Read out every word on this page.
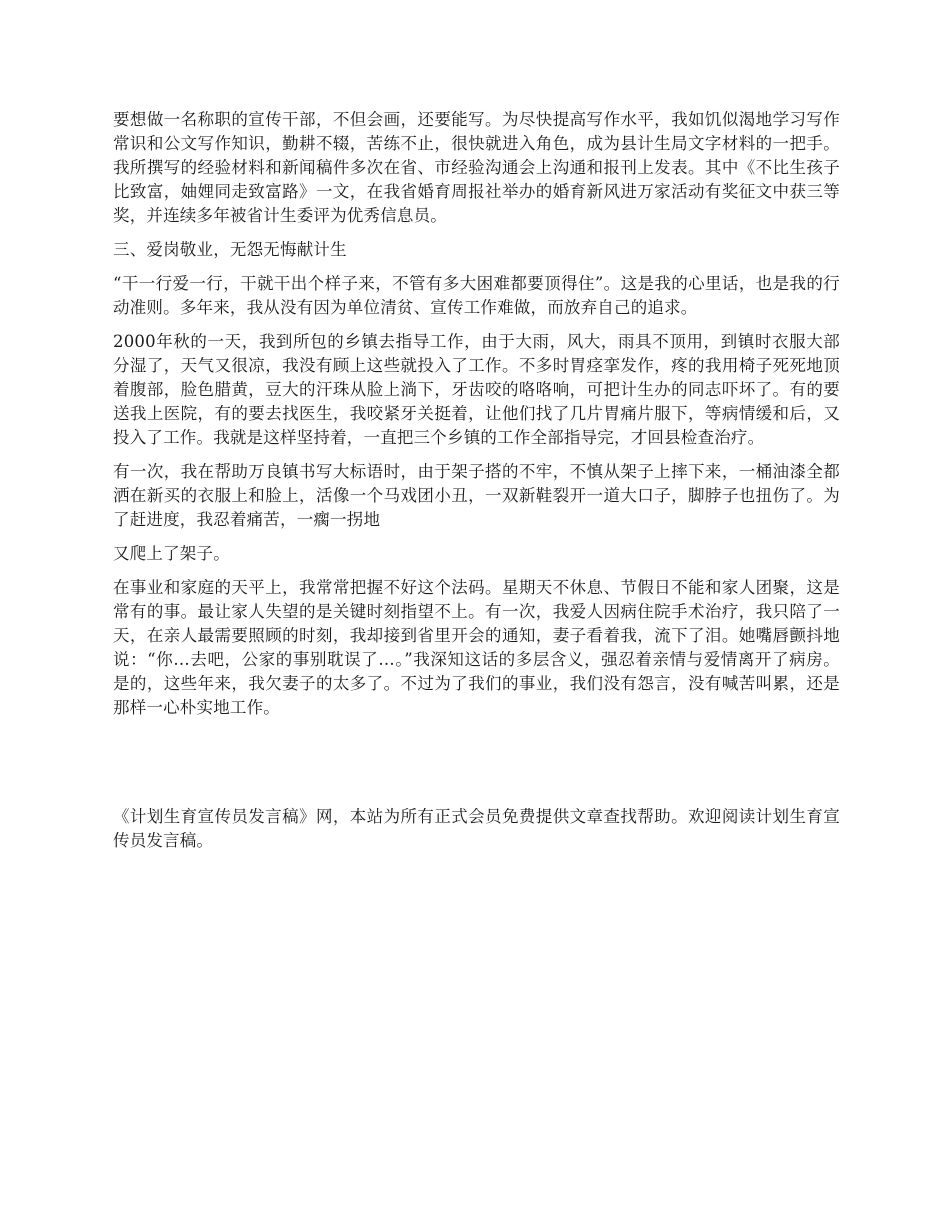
要想做一名称职的宣传干部，不但会画，还要能写。为尽快提高写作水平，我如饥似渴地学习写作常识和公文写作知识，勤耕不辍，苦练不止，很快就进入角色，成为县计生局文字材料的一把手。我所撰写的经验材料和新闻稿件多次在省、市经验沟通会上沟通和报刊上发表。其中《不比生孩子比致富，妯娌同走致富路》一文，在我省婚育周报社举办的婚育新风进万家活动有奖征文中获三等奖，并连续多年被省计生委评为优秀信息员。

三、爱岗敬业，无怨无悔献计生

“干一行爱一行，干就干出个样子来，不管有多大困难都要顶得住”。这是我的心里话，也是我的行动准则。多年来，我从没有因为单位清贫、宣传工作难做，而放弃自己的追求。

2000年秋的一天，我到所包的乡镇去指导工作，由于大雨，风大，雨具不顶用，到镇时衣服大部分湿了，天气又很凉，我没有顾上这些就投入了工作。不多时胃痉挛发作，疼的我用椅子死死地顶着腹部，脸色腊黄，豆大的汗珠从脸上淌下，牙齿咬的咯咯响，可把计生办的同志吓坏了。有的要送我上医院，有的要去找医生，我咬紧牙关挺着，让他们找了几片胃痛片服下，等病情缓和后，又投入了工作。我就是这样坚持着，一直把三个乡镇的工作全部指导完，才回县检查治疗。

有一次，我在帮助万良镇书写大标语时，由于架子搭的不牢，不慎从架子上摔下来，一桶油漆全都洒在新买的衣服上和脸上，活像一个马戏团小丑，一双新鞋裂开一道大口子，脚脖子也扭伤了。为了赶进度，我忍着痛苦，一瘸一拐地

又爬上了架子。

在事业和家庭的天平上，我常常把握不好这个法码。星期天不休息、节假日不能和家人团聚，这是常有的事。最让家人失望的是关键时刻指望不上。有一次，我爱人因病住院手术治疗，我只陪了一天，在亲人最需要照顾的时刻，我却接到省里开会的通知，妻子看着我，流下了泪。她嘴唇颤抖地说：“你…去吧，公家的事别耽误了…。”我深知这话的多层含义，强忍着亲情与爱情离开了病房。是的，这些年来，我欠妻子的太多了。不过为了我们的事业，我们没有怨言，没有喊苦叫累，还是那样一心朴实地工作。

《计划生育宣传员发言稿》网，本站为所有正式会员免费提供文章查找帮助。欢迎阅读计划生育宣传员发言稿。
